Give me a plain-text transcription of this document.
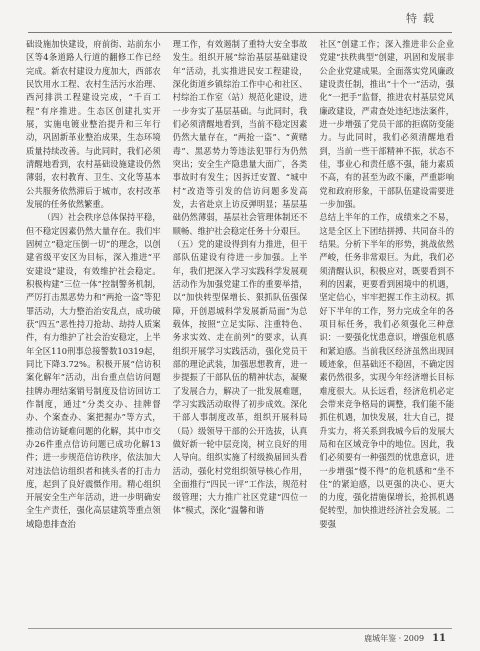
特载

础设施加快建设，府前街、站前东小区等4条道路人行道的翻修工作已经完成。新农村建设力度加大，西部农民饮用水工程、农村生活污水治理、西河排洪工程建设完成，“千百工程”有序推进。生态区创建扎实开展，实施电镀业整治提升和三年行动，巩固新革业整治成果，生态环境质量持续改善。与此同时，我们必须清醒地看到，农村基础设施建设仍然薄弱，农村教育、卫生、文化等基本公共服务依然滞后于城市，农村改革发展的任务依然繁重。

（四）社会秩序总体保持平稳，但不稳定因素仍然大量存在。我们牢固树立“稳定压倒一切”的理念，以创建省级平安区为目标，深入推进“平安建设”建设，有效维护社会稳定。积极构建“三位一体”控制警务机制，严厉打击黑恶势力和“两抢一盗”等犯罪活动，大力整治治安乱点，成功破获“四五”恶性持刀抢劫、劫持人质案件，有力维护了社会治安稳定，上半年全区110刑事总接警数10319起，同比下降3.72%。积极开展“信访积案化解年”活动，出台重点信访问题挂牌办理结案销号制度及信访回访工作制度，通过“分类交办、挂牌督办、个案查办、案把握办”等方式，推动信访疑难问题的化解，其中市交办26件重点信访问题已成功化解13件；进一步规范信访秩序，依法加大对违法信访组织者和挑头者的打击力度，起到了良好震慑作用。精心组织开展安全生产年活动，进一步明确安全生产责任，强化高层建筑等重点领域隐患排查治

理工作，有效遏制了重特大安全事故发生。组织开展“综治基层基础建设年”活动，扎实推进民安工程建设，深化街道乡镇综治工作中心和社区、村综治工作室（站）规范化建设，进一步夯实了基层基础。与此同时，我们必须清醒地看到，当前不稳定因素仍然大量存在，“两抢一盗”、“黄赌毒”、黑恶势力等违法犯罪行为仍然突出；安全生产隐患量大面广，各类事故时有发生；因拆迁安置、“城中村”改造等引发的信访问题多发高发，去省赴京上访反弹明显；基层基础仍然薄弱，基层社会管理体制还不顺畅、维护社会稳定任务十分艰巨。

（五）党的建设得到有力推进，但干部队伍建设有待进一步加强。上半年，我们把深入学习实践科学发展观活动作为加强党建工作的重要举措，以“加快转型保增长、狠抓队伍强保障，开创恩城科学发展新局面”为总载体，按照“立足实际、注重特色、务求实效、走在前列”的要求，认真组织开展学习实践活动，强化党员干部的理论武装，加强思想教育，进一步提振了干部队伍的精神状态，凝聚了发展合力，解决了一批发展难题，学习实践活动取得了初步成效。深化干部人事制度改革，组织开展科局（局）级领导干部的公开选拔，认真做好新一轮中层竞岗，树立良好的用人导向。组织实施了村级换届回头看活动，强化村党组织领导核心作用，全面推行“四民一评”工作法，规范村级管理；大力推广社区党建“四位一体”模式，深化“温馨和谐

社区”创建工作；深入推进非公企业党建“扶秩典型”创建，巩固和发展非公企业党建成果。全面落实党风廉政建设责任制，推出“十个一”活动，强化“一把手”监督，推进农村基层党风廉政建设，严肃查处违纪违法案件，进一步增强了党员干部的拒腐防变能力。与此同时，我们必须清醒地看到，当前一些干部精神不振，状态不佳，事业心和责任感不强，能力素质不高，有的甚至为政不廉，严重影响党和政府形象，干部队伍建设需要进一步加强。

总结上半年的工作，成绩来之不易，这是全区上下团结拼搏、共同奋斗的结果。分析下半年的形势，挑战依然严峻，任务非常艰巨。为此，我们必须清醒认识，积极应对，既要看到不利的因素，更要看到困境中的机遇，坚定信心，牢牢把握工作主动权。抓好下半年的工作，努力完成全年的各项目标任务，我们必须强化三种意识：一要强化忧患意识，增强危机感和紧迫感。当前我区经济虽然出现回暖迹象，但基础还不稳固，不确定因素仍然很多，实现今年经济增长目标难度很大。从长远看，经济危机必定会带来竞争格局的调整，我们能不能抓住机遇，加快发展，壮大自己，提升实力，将关系到我城今后的发展大局和在区域竞争中的地位。因此，我们必须要有一种强烈的忧患意识，进一步增强“慢不得”的危机感和“坐不住”的紧迫感，以更强的决心、更大的力度，强化措施保增长，抢抓机遇促转型，加快推进经济社会发展。二要强

鹿城年鉴 · 2009 11
